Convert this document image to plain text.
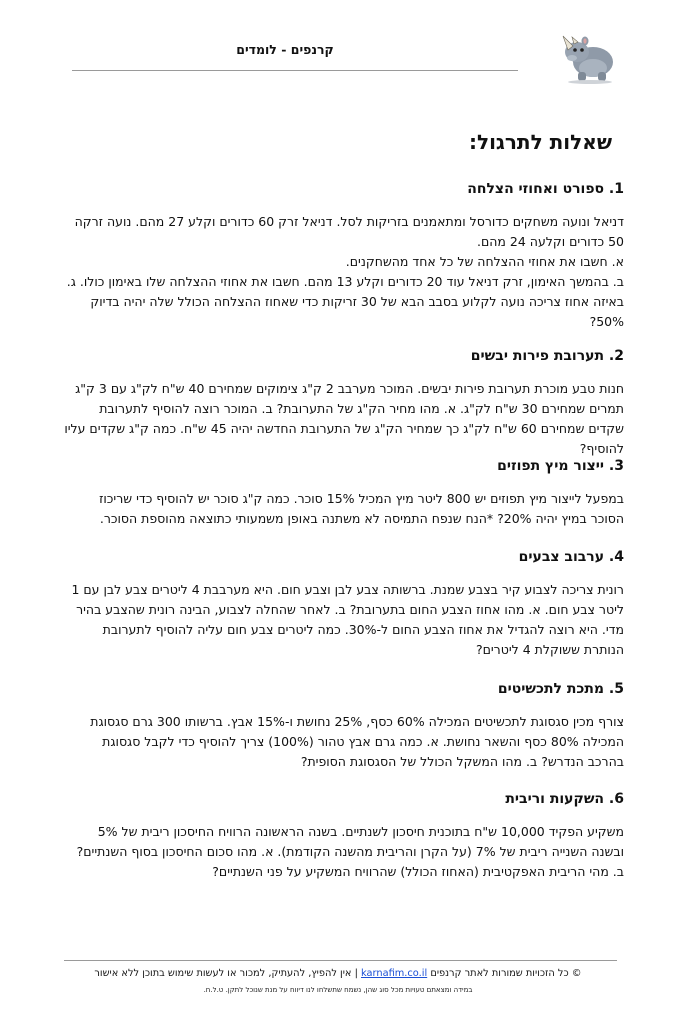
קרנפים - לומדים
שאלות לתרגול:
1. ספורט ואחוזי הצלחה

דניאל ונועה משחקים כדורסל ומתאמנים בזריקות לסל. דניאל זרק 60 כדורים וקלע 27 מהם. נועה זרקה 50 כדורים וקלעה 24 מהם.

א. חשבו את אחוזי ההצלחה של כל אחד מהשחקנים.

ב. בהמשך האימון, זרק דניאל עוד 20 כדורים וקלע 13 מהם. חשבו את אחוזי ההצלחה שלו באימון כולו. ג. באיזה אחוז צריכה נועה לקלוע בסבב הבא של 30 זריקות כדי שאחוז ההצלחה הכולל שלה יהיה בדיוק 50%?

2. תערובת פירות יבשים

חנות טבע מוכרת תערובת פירות יבשים. המוכר מערבב 2 ק"ג צימוקים שמחירם 40 ש"ח לק"ג עם 3 ק"ג תמרים שמחירם 30 ש"ח לק"ג. א. מהו מחיר הק"ג של התערובת? ב. המוכר רוצה להוסיף לתערובת שקדים שמחירם 60 ש"ח לק"ג כך שמחיר הק"ג של התערובת החדשה יהיה 45 ש"ח. כמה ק"ג שקדים עליו להוסיף?

3. ייצור מיץ תפוזים

במפעל לייצור מיץ תפוזים יש 800 ליטר מיץ המכיל 15% סוכר. כמה ק"ג סוכר יש להוסיף כדי שריכוז הסוכר במיץ יהיה 20%? *הנח שנפח התמיסה לא משתנה באופן משמעותי כתוצאה מהוספת הסוכר.

4. ערבוב צבעים

רונית צריכה לצבוע קיר בצבע שמנת. ברשותה צבע לבן וצבע חום. היא מערבבת 4 ליטרים צבע לבן עם 1 ליטר צבע חום. א. מהו אחוז הצבע החום בתערובת? ב. לאחר שהחלה לצבוע, הבינה רונית שהצבע בהיר מדי. היא רוצה להגדיל את אחוז הצבע החום ל-30%. כמה ליטרים צבע חום עליה להוסיף לתערובת הנותרת ששוקלת 4 ליטרים?

5. מתכת לתכשיטים

צורף מכין סגסוגת לתכשיטים המכילה 60% כסף, 25% נחושת ו-15% אבץ. ברשותו 300 גרם סגסוגת המכילה 80% כסף והשאר נחושת. א. כמה גרם אבץ טהור (100%) צריך להוסיף כדי לקבל סגסוגת בהרכב הנדרש? ב. מהו המשקל הכולל של הסגסוגת הסופית?

6. השקעות וריבית

משקיע הפקיד 10,000 ש"ח בתוכנית חיסכון לשנתיים. בשנה הראשונה הרוויח החיסכון ריבית של 5% ובשנה השנייה ריבית של 7% (על הקרן והריבית מהשנה הקודמת). א. מהו סכום החיסכון בסוף השנתיים?

ב. מהי הריבית האפקטיבית (האחוז הכולל) שהרוויח המשקיע על פני השנתיים?

© כל הזכויות שמורות לאתר קרנפים karnafim.co.il | אין להפיץ, להעתיק, למכור או לעשות שימוש בתוכן ללא אישור
במידה ומצאתם טעויות מכל סוג שהן, נשמח שתשלחו לנו דיווח על מנת שנוכל לתקן. ט.ל.ח.
